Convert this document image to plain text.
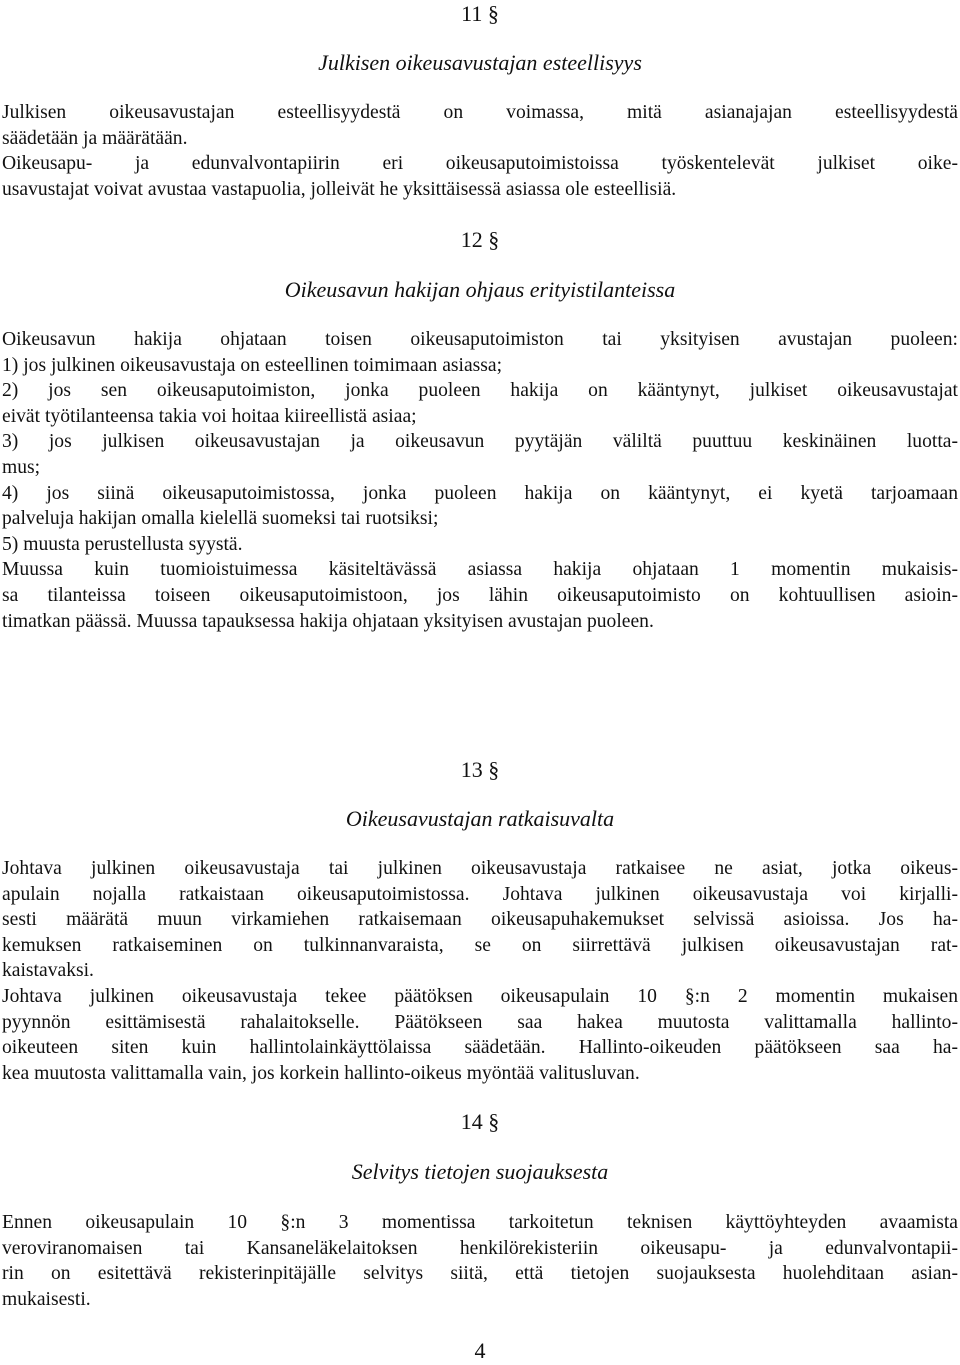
11 §
Julkisen oikeusavustajan esteellisyys
Julkisen oikeusavustajan esteellisyydestä on voimassa, mitä asianajajan esteellisyydestä
säädetään ja määrätään.
Oikeusapu- ja edunvalvontapiirin eri oikeusaputoimistoissa työskentelevät julkiset oike-
usavustajat voivat avustaa vastapuolia, jolleivät he yksittäisessä asiassa ole esteellisiä.
12 §
Oikeusavun hakijan ohjaus erityistilanteissa
Oikeusavun hakija ohjataan toisen oikeusaputoimiston tai yksityisen avustajan puoleen:
1) jos julkinen oikeusavustaja on esteellinen toimimaan asiassa;
2) jos sen oikeusaputoimiston, jonka puoleen hakija on kääntynyt, julkiset oikeusavustajat
eivät työtilanteensa takia voi hoitaa kiireellistä asiaa;
3) jos julkisen oikeusavustajan ja oikeusavun pyytäjän väliltä puuttuu keskinäinen luotta-
mus;
4) jos siinä oikeusaputoimistossa, jonka puoleen hakija on kääntynyt, ei kyetä tarjoamaan
palveluja hakijan omalla kielellä suomeksi tai ruotsiksi;
5) muusta perustellusta syystä.
Muussa kuin tuomioistuimessa käsiteltävässä asiassa hakija ohjataan 1 momentin mukaisis-
sa tilanteissa toiseen oikeusaputoimistoon, jos lähin oikeusaputoimisto on kohtuullisen asioin-
timatkan päässä. Muussa tapauksessa hakija ohjataan yksityisen avustajan puoleen.
13 §
Oikeusavustajan ratkaisuvalta
Johtava julkinen oikeusavustaja tai julkinen oikeusavustaja ratkaisee ne asiat, jotka oikeus-
apulain nojalla ratkaistaan oikeusaputoimistossa. Johtava julkinen oikeusavustaja voi kirjalli-
sesti määrätä muun virkamiehen ratkaisemaan oikeusapuhakemukset selvissä asioissa. Jos ha-
kemuksen ratkaiseminen on tulkinnanvaraista, se on siirrettävä julkisen oikeusavustajan rat-
kaistavaksi.
Johtava julkinen oikeusavustaja tekee päätöksen oikeusapulain 10 §:n 2 momentin mukaisen
pyynnön esittämisestä rahalaitokselle. Päätökseen saa hakea muutosta valittamalla hallinto-
oikeuteen siten kuin hallintolainkäyttölaissa säädetään. Hallinto-oikeuden päätökseen saa ha-
kea muutosta valittamalla vain, jos korkein hallinto-oikeus myöntää valitusluvan.
14 §
Selvitys tietojen suojauksesta
Ennen oikeusapulain 10 §:n 3 momentissa tarkoitetun teknisen käyttöyhteyden avaamista
veroviranomaisen tai Kansaneläkelaitoksen henkilörekisteriin oikeusapu- ja edunvalvontapii-
rin on esitettävä rekisterinpitäjälle selvitys siitä, että tietojen suojauksesta huolehditaan asian-
mukaisesti.
4
